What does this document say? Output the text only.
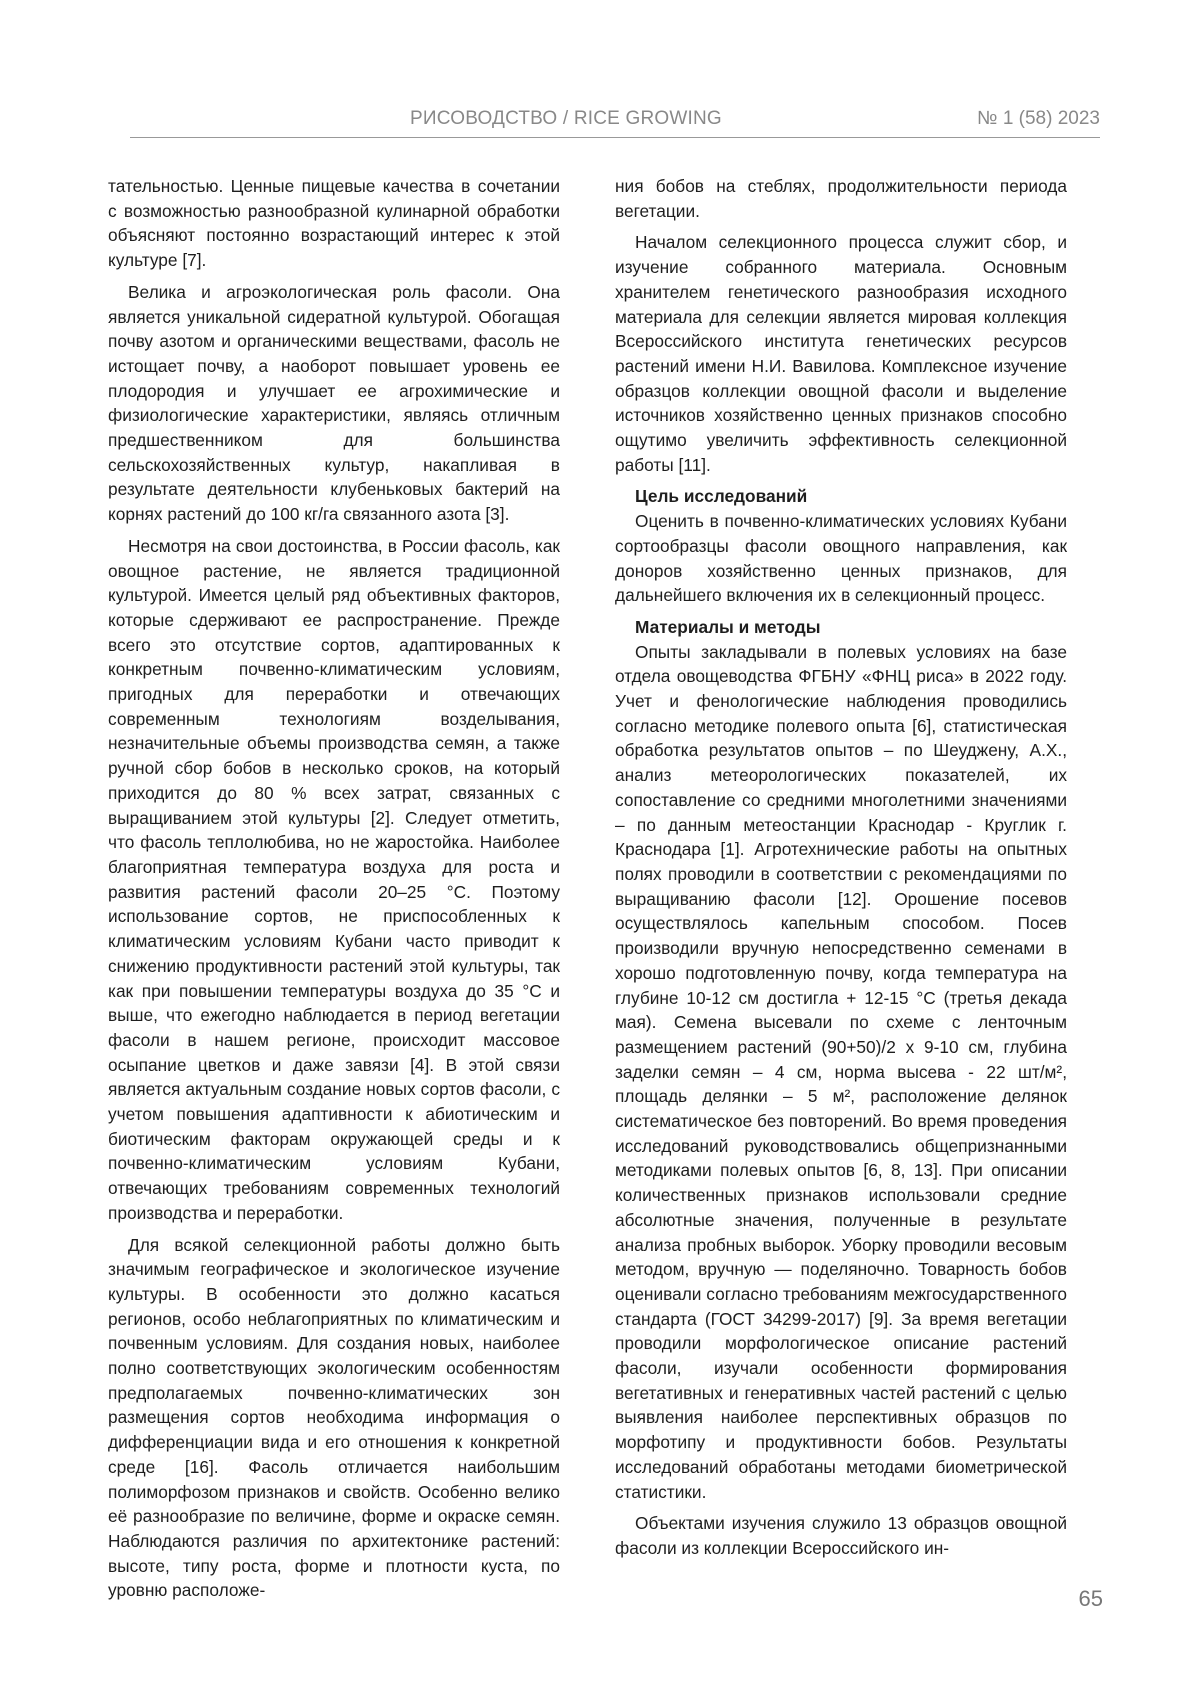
РИСОВОДСТВО / RICE GROWING	№ 1 (58) 2023

тательностью. Ценные пищевые качества в сочетании с возможностью разнообразной кулинарной обработки объясняют постоянно возрастающий интерес к этой культуре [7].

Велика и агроэкологическая роль фасоли. Она является уникальной сидератной культурой. Обогащая почву азотом и органическими веществами, фасоль не истощает почву, а наоборот повышает уровень ее плодородия и улучшает ее агрохимические и физиологические характеристики, являясь отличным предшественником для большинства сельскохозяйственных культур, накапливая в результате деятельности клубеньковых бактерий на корнях растений до 100 кг/га связанного азота [3].

Несмотря на свои достоинства, в России фасоль, как овощное растение, не является традиционной культурой. Имеется целый ряд объективных факторов, которые сдерживают ее распространение. Прежде всего это отсутствие сортов, адаптированных к конкретным почвенно-климатическим условиям, пригодных для переработки и отвечающих современным технологиям возделывания, незначительные объемы производства семян, а также ручной сбор бобов в несколько сроков, на который приходится до 80 % всех затрат, связанных с выращиванием этой культуры [2]. Следует отметить, что фасоль теплолюбива, но не жаростойка. Наиболее благоприятная температура воздуха для роста и развития растений фасоли 20–25 °С. Поэтому использование сортов, не приспособленных к климатическим условиям Кубани часто приводит к снижению продуктивности растений этой культуры, так как при повышении температуры воздуха до 35 °С и выше, что ежегодно наблюдается в период вегетации фасоли в нашем регионе, происходит массовое осыпание цветков и даже завязи [4]. В этой связи является актуальным создание новых сортов фасоли, с учетом повышения адаптивности к абиотическим и биотическим факторам окружающей среды и к почвенно-климатическим условиям Кубани, отвечающих требованиям современных технологий производства и переработки.

Для всякой селекционной работы должно быть значимым географическое и экологическое изучение культуры. В особенности это должно касаться регионов, особо неблагоприятных по климатическим и почвенным условиям. Для создания новых, наиболее полно соответствующих экологическим особенностям предполагаемых почвенно-климатических зон размещения сортов необходима информация о дифференциации вида и его отношения к конкретной среде [16]. Фасоль отличается наибольшим полиморфозом признаков и свойств. Особенно велико её разнообразие по величине, форме и окраске семян. Наблюдаются различия по архитектонике растений: высоте, типу роста, форме и плотности куста, по уровню расположе-

ния бобов на стеблях, продолжительности периода вегетации.

Началом селекционного процесса служит сбор, и изучение собранного материала. Основным хранителем генетического разнообразия исходного материала для селекции является мировая коллекция Всероссийского института генетических ресурсов растений имени Н.И. Вавилова. Комплексное изучение образцов коллекции овощной фасоли и выделение источников хозяйственно ценных признаков способно ощутимо увеличить эффективность селекционной работы [11].

Цель исследований

Оценить в почвенно-климатических условиях Кубани сортообразцы фасоли овощного направления, как доноров хозяйственно ценных признаков, для дальнейшего включения их в селекционный процесс.

Материалы и методы

Опыты закладывали в полевых условиях на базе отдела овощеводства ФГБНУ «ФНЦ риса» в 2022 году. Учет и фенологические наблюдения проводились согласно методике полевого опыта [6], статистическая обработка результатов опытов – по Шеуджену, А.Х., анализ метеорологических показателей, их сопоставление со средними многолетними значениями – по данным метеостанции Краснодар - Круглик г. Краснодара [1]. Агротехнические работы на опытных полях проводили в соответствии с рекомендациями по выращиванию фасоли [12]. Орошение посевов осуществлялось капельным способом. Посев производили вручную непосредственно семенами в хорошо подготовленную почву, когда температура на глубине 10-12 см достигла + 12-15 °С (третья декада мая). Семена высевали по схеме с ленточным размещением растений (90+50)/2 х 9-10 см, глубина заделки семян – 4 см, норма высева - 22 шт/м², площадь делянки – 5 м², расположение делянок систематическое без повторений. Во время проведения исследований руководствовались общепризнанными методиками полевых опытов [6, 8, 13]. При описании количественных признаков использовали средние абсолютные значения, полученные в результате анализа пробных выборок. Уборку проводили весовым методом, вручную — поделяночно. Товарность бобов оценивали согласно требованиям межгосударственного стандарта (ГОСТ 34299-2017) [9]. За время вегетации проводили морфологическое описание растений фасоли, изучали особенности формирования вегетативных и генеративных частей растений с целью выявления наиболее перспективных образцов по морфотипу и продуктивности бобов. Результаты исследований обработаны методами биометрической статистики.

Объектами изучения служило 13 образцов овощной фасоли из коллекции Всероссийского ин-

65
